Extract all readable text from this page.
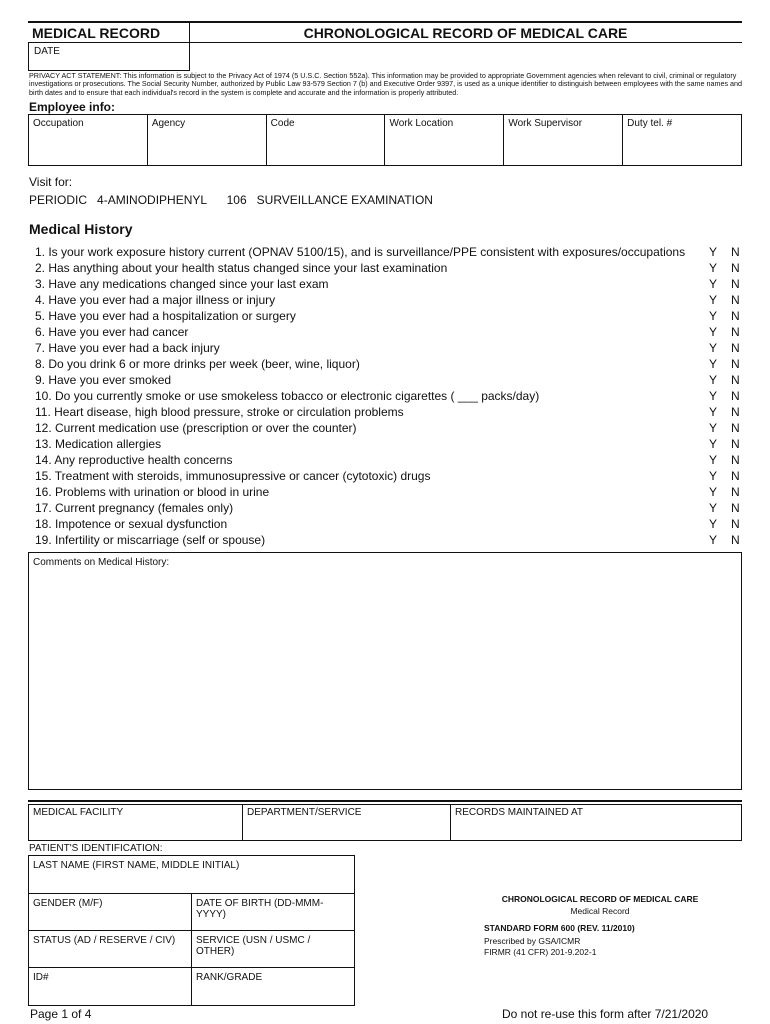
MEDICAL RECORD	CHRONOLOGICAL RECORD OF MEDICAL CARE
DATE
PRIVACY ACT STATEMENT: This information is subject to the Privacy Act of 1974 (5 U.S.C. Section 552a). This information may be provided to appropriate Government agencies when relevant to civil, criminal or regulatory investigations or prosecutions. The Social Security Number, authorized by Public Law 93-579 Section 7 (b) and Executive Order 9397, is used as a unique identifier to distinguish between employees with the same names and birth dates and to ensure that each individual's record in the system is complete and accurate and the information is properly attributed.
Employee info:
Occupation	Agency	Code	Work Location	Work Supervisor	Duty tel. #
Visit for:
PERIODIC 4-AMINODIPHENYL 106 SURVEILLANCE EXAMINATION
Medical History
1. Is your work exposure history current (OPNAV 5100/15), and is surveillance/PPE consistent with exposures/occupations Y N
2. Has anything about your health status changed since your last examination	Y N
3. Have any medications changed since your last exam	Y N
4. Have you ever had a major illness or injury	Y N
5. Have you ever had a hospitalization or surgery	Y N
6. Have you ever had cancer	Y N
7. Have you ever had a back injury	Y N
8. Do you drink 6 or more drinks per week (beer, wine, liquor)	Y N
9. Have you ever smoked	Y N
10. Do you currently smoke or use smokeless tobacco or electronic cigarettes ( ___ packs/day)	Y N
11. Heart disease, high blood pressure, stroke or circulation problems	Y N
12. Current medication use (prescription or over the counter)	Y N
13. Medication allergies	Y N
14. Any reproductive health concerns	Y N
15. Treatment with steroids, immunosupressive or cancer (cytotoxic) drugs	Y N
16. Problems with urination or blood in urine	Y N
17. Current pregnancy (females only)	Y N
18. Impotence or sexual dysfunction	Y N
19. Infertility or miscarriage (self or spouse)	Y N
Comments on Medical History:
MEDICAL FACILITY	DEPARTMENT/SERVICE	RECORDS MAINTAINED AT
PATIENT'S IDENTIFICATION:
LAST NAME (FIRST NAME, MIDDLE INITIAL)
GENDER (M/F)	DATE OF BIRTH (DD-MMM-YYYY)
STATUS (AD / RESERVE / CIV)	SERVICE (USN / USMC / OTHER)
ID#	RANK/GRADE
CHRONOLOGICAL RECORD OF MEDICAL CARE
Medical Record
STANDARD FORM 600 (REV. 11/2010)
Prescribed by GSA/ICMR
FIRMR (41 CFR) 201-9.202-1
Page 1 of 4	Do not re-use this form after 7/21/2020
